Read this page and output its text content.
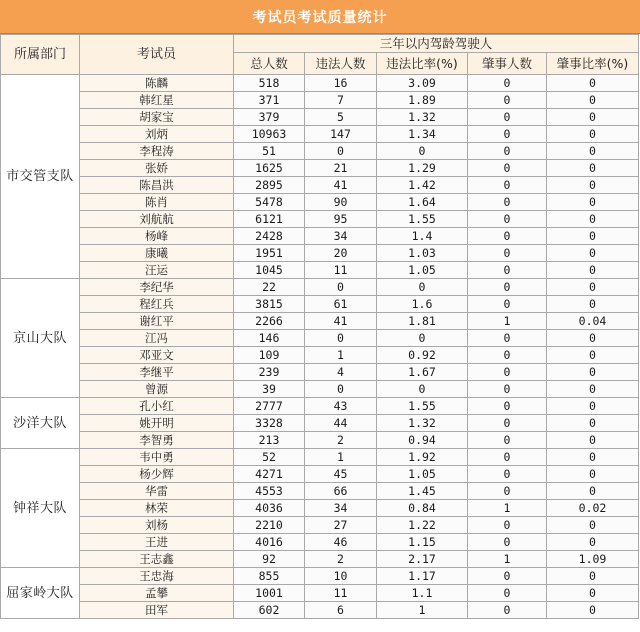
考试员考试质量统计
所属部门	考试员	三年以内驾龄驾驶人				
		总人数	违法人数	违法比率(%)	肇事人数	肇事比率(%)
市交管支队	陈麟	518	16	3.09	0	0
	韩红星	371	7	1.89	0	0
	胡家宝	379	5	1.32	0	0
	刘炳	10963	147	1.34	0	0
	李程涛	51	0	0	0	0
	张娇	1625	21	1.29	0	0
	陈昌洪	2895	41	1.42	0	0
	陈肖	5478	90	1.64	0	0
	刘航航	6121	95	1.55	0	0
	杨峰	2428	34	1.4	0	0
	康曦	1951	20	1.03	0	0
	汪运	1045	11	1.05	0	0
京山大队	李纪华	22	0	0	0	0
	程红兵	3815	61	1.6	0	0
	谢红平	2266	41	1.81	1	0.04
	江冯	146	0	0	0	0
	邓亚文	109	1	0.92	0	0
	李继平	239	4	1.67	0	0
	曾源	39	0	0	0	0
沙洋大队	孔小红	2777	43	1.55	0	0
	姚开明	3328	44	1.32	0	0
	李智勇	213	2	0.94	0	0
钟祥大队	韦中勇	52	1	1.92	0	0
	杨少辉	4271	45	1.05	0	0
	华雷	4553	66	1.45	0	0
	林荣	4036	34	0.84	1	0.02
	刘杨	2210	27	1.22	0	0
	王进	4016	46	1.15	0	0
	王志鑫	92	2	2.17	1	1.09
屈家岭大队	王忠海	855	10	1.17	0	0
	孟攀	1001	11	1.1	0	0
	田军	602	6	1	0	0
